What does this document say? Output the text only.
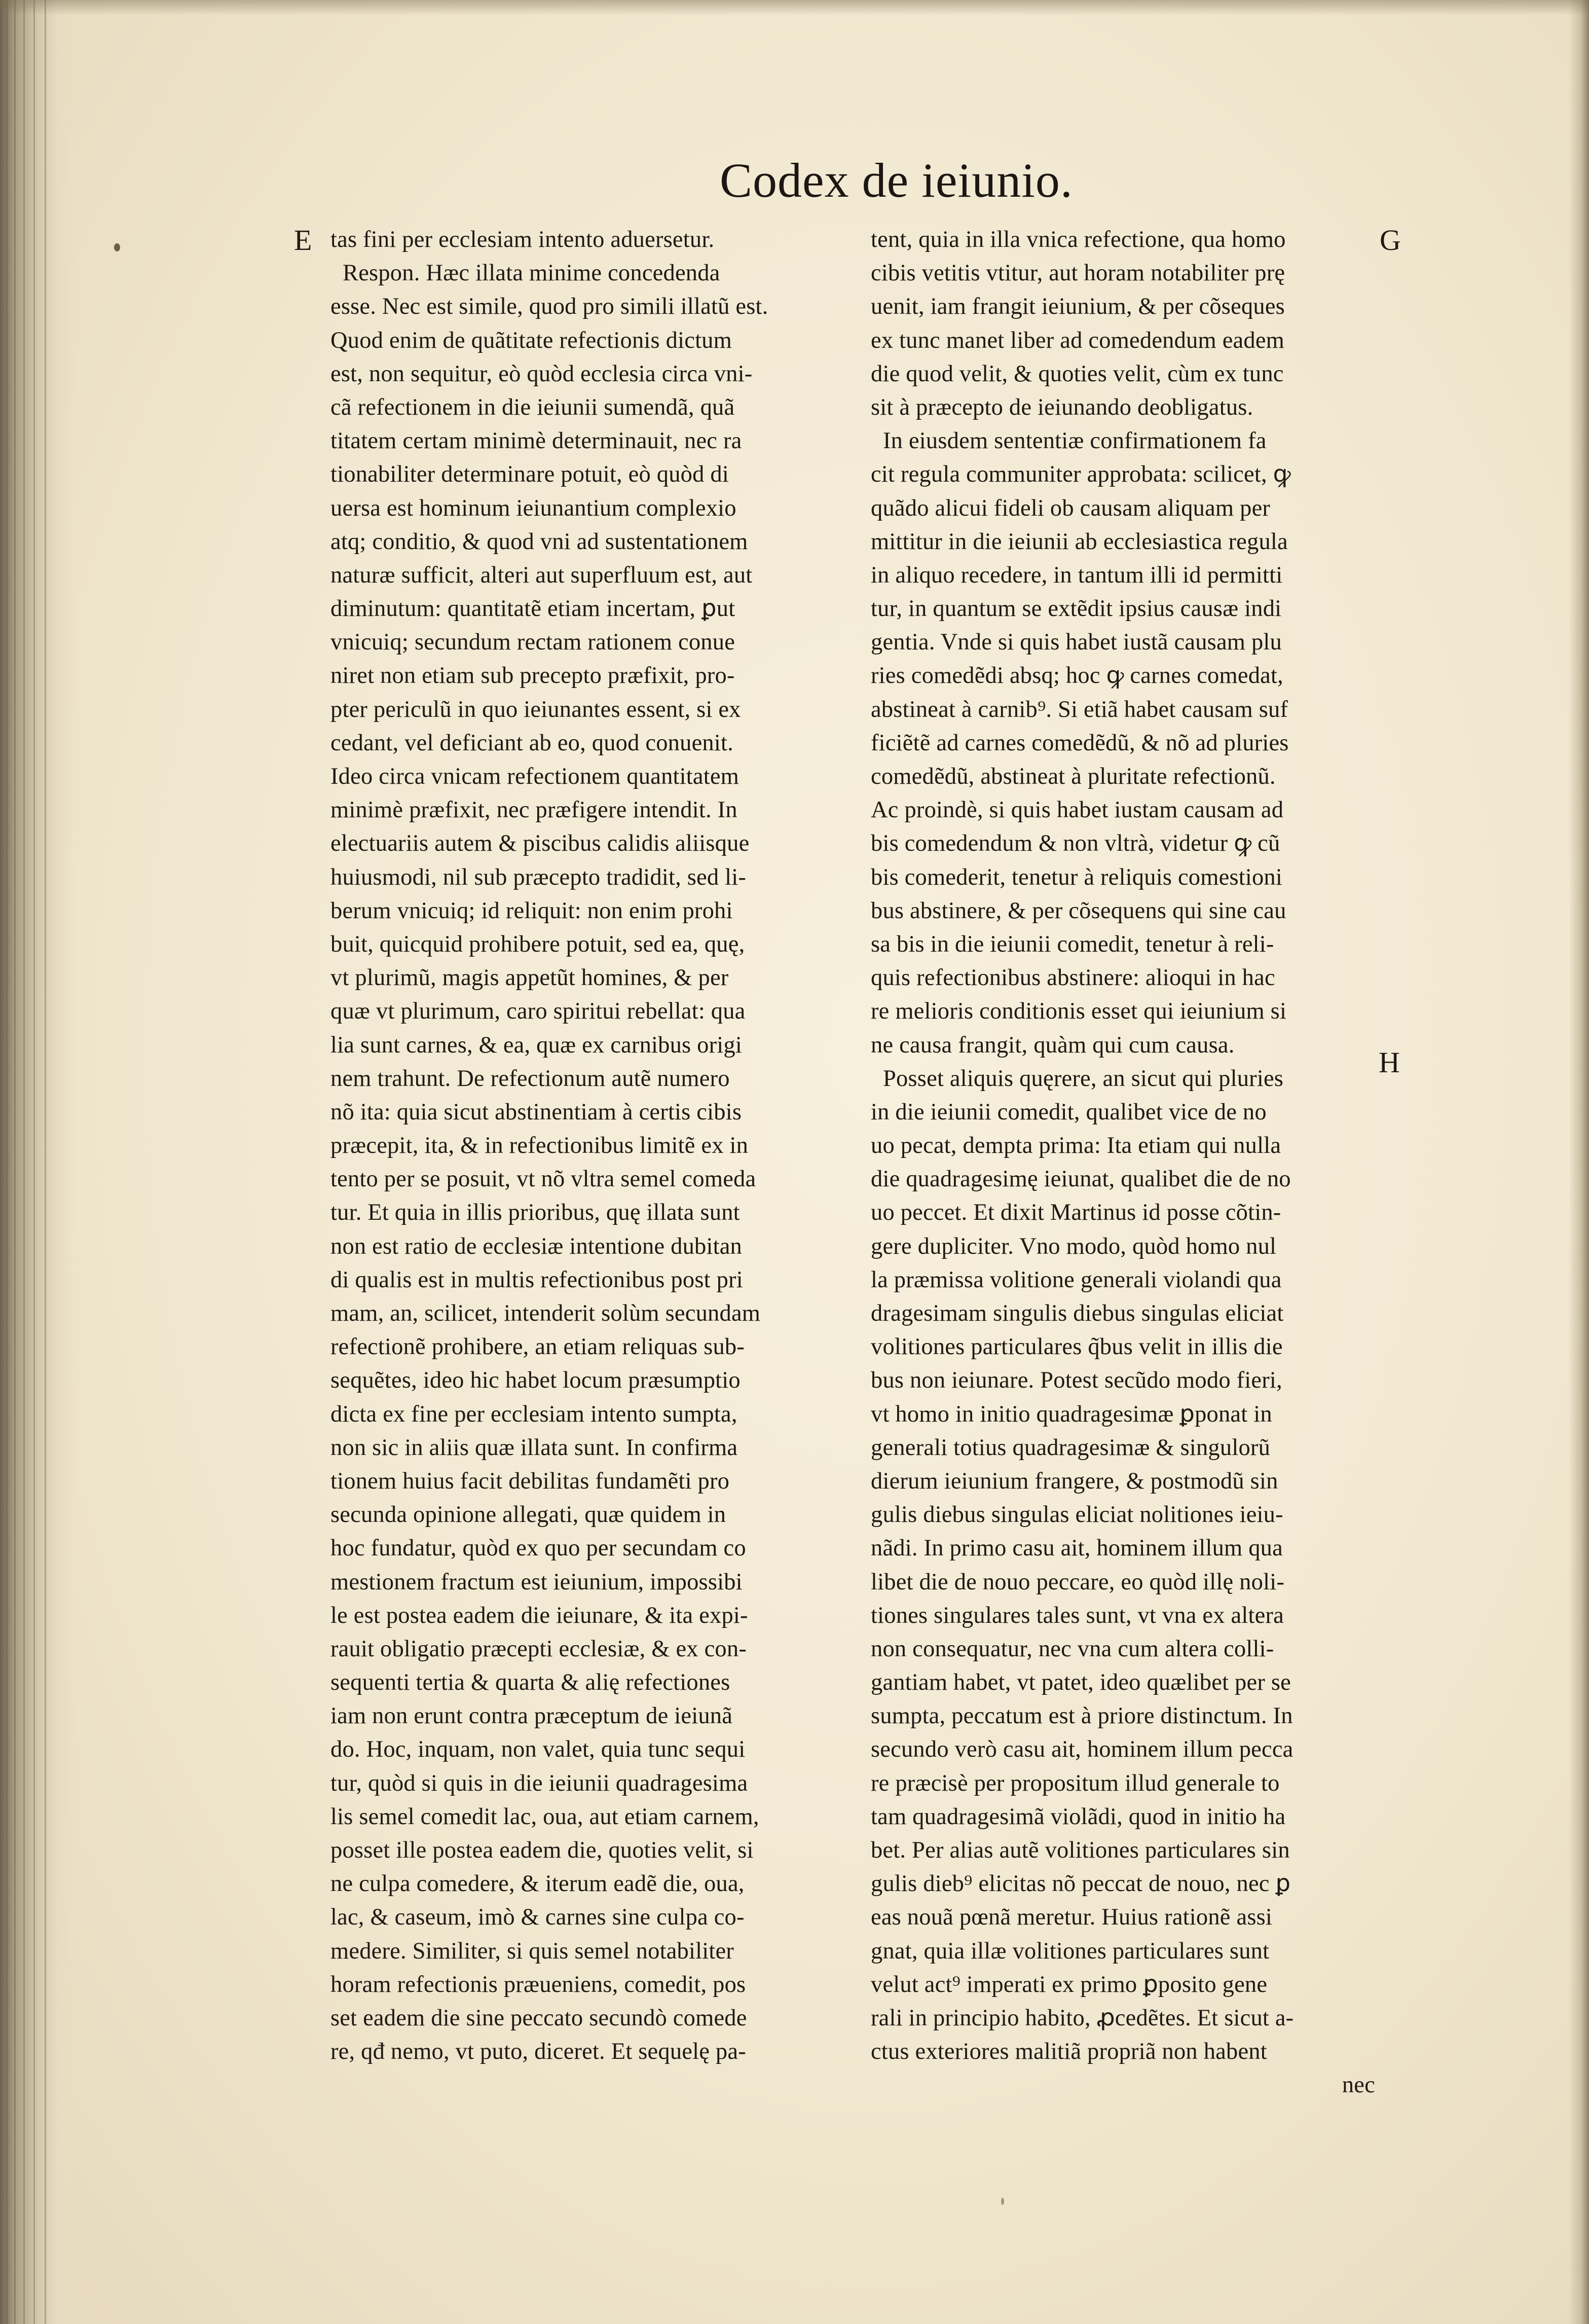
Codex de ieiunio.
E	G
H
tas fini per ecclesiam intento aduersetur.
Respon. Hæc illata minime concedenda
esse. Nec est simile, quod pro simili illatũ est.
Quod enim de quãtitate refectionis dictum
est, non sequitur, eò quòd ecclesia circa vni-
cã refectionem in die ieiunii sumendã, quã
titatem certam minimè determinauit, nec ra
tionabiliter determinare potuit, eò quòd di
uersa est hominum ieiunantium complexio
atq; conditio, & quod vni ad sustentationem
naturæ sufficit, alteri aut superfluum est, aut
diminutum: quantitatẽ etiam incertam, ꝑut
vnicuiq; secundum rectam rationem conue
niret non etiam sub precepto præfixit, pro-
pter periculũ in quo ieiunantes essent, si ex
cedant, vel deficiant ab eo, quod conuenit.
Ideo circa vnicam refectionem quantitatem
minimè præfixit, nec præfigere intendit. In
electuariis autem & piscibus calidis aliisque
huiusmodi, nil sub præcepto tradidit, sed li-
berum vnicuiq; id reliquit: non enim prohi
buit, quicquid prohibere potuit, sed ea, quę,
vt plurimũ, magis appetũt homines, & per
quæ vt plurimum, caro spiritui rebellat: qua
lia sunt carnes, & ea, quæ ex carnibus origi
nem trahunt. De refectionum autẽ numero
nõ ita: quia sicut abstinentiam à certis cibis
præcepit, ita, & in refectionibus limitẽ ex in
tento per se posuit, vt nõ vltra semel comeda
tur. Et quia in illis prioribus, quę illata sunt
non est ratio de ecclesiæ intentione dubitan
di qualis est in multis refectionibus post pri
mam, an, scilicet, intenderit solùm secundam
refectionẽ prohibere, an etiam reliquas sub-
sequẽtes, ideo hic habet locum præsumptio
dicta ex fine per ecclesiam intento sumpta,
non sic in aliis quæ illata sunt. In confirma
tionem huius facit debilitas fundamẽti pro
secunda opinione allegati, quæ quidem in
hoc fundatur, quòd ex quo per secundam co
mestionem fractum est ieiunium, impossibi
le est postea eadem die ieiunare, & ita expi-
rauit obligatio præcepti ecclesiæ, & ex con-
sequenti tertia & quarta & alię refectiones
iam non erunt contra præceptum de ieiunã
do. Hoc, inquam, non valet, quia tunc sequi
tur, quòd si quis in die ieiunii quadragesima
lis semel comedit lac, oua, aut etiam carnem,
posset ille postea eadem die, quoties velit, si
ne culpa comedere, & iterum eadẽ die, oua,
lac, & caseum, imò & carnes sine culpa co-
medere. Similiter, si quis semel notabiliter
horam refectionis præueniens, comedit, pos
set eadem die sine peccato secundò comede
re, qđ nemo, vt puto, diceret. Et sequelę pa-
tent, quia in illa vnica refectione, qua homo
cibis vetitis vtitur, aut horam notabiliter prę
uenit, iam frangit ieiunium, & per cõseques
ex tunc manet liber ad comedendum eadem
die quod velit, & quoties velit, cùm ex tunc
sit à præcepto de ieiunando deobligatus.
In eiusdem sententiæ confirmationem fa
cit regula communiter approbata: scilicet, ꝙ
quãdo alicui fideli ob causam aliquam per
mittitur in die ieiunii ab ecclesiastica regula
in aliquo recedere, in tantum illi id permitti
tur, in quantum se extẽdit ipsius causæ indi
gentia. Vnde si quis habet iustã causam plu
ries comedẽdi absq; hoc ꝙ carnes comedat,
abstineat à carnib⁹. Si etiã habet causam suf
ficiẽtẽ ad carnes comedẽdũ, & nõ ad pluries
comedẽdũ, abstineat à pluritate refectionũ.
Ac proindè, si quis habet iustam causam ad
bis comedendum & non vltrà, videtur ꝙ cũ
bis comederit, tenetur à reliquis comestioni
bus abstinere, & per cõsequens qui sine cau
sa bis in die ieiunii comedit, tenetur à reli-
quis refectionibus abstinere: alioqui in hac
re melioris conditionis esset qui ieiunium si
ne causa frangit, quàm qui cum causa.
Posset aliquis quęrere, an sicut qui pluries
in die ieiunii comedit, qualibet vice de no
uo pecat, dempta prima: Ita etiam qui nulla
die quadragesimę ieiunat, qualibet die de no
uo peccet. Et dixit Martinus id posse cõtin-
gere dupliciter. Vno modo, quòd homo nul
la præmissa volitione generali violandi qua
dragesimam singulis diebus singulas eliciat
volitiones particulares q̃bus velit in illis die
bus non ieiunare. Potest secũdo modo fieri,
vt homo in initio quadragesimæ ꝑponat in
generali totius quadragesimæ & singulorũ
dierum ieiunium frangere, & postmodũ sin
gulis diebus singulas eliciat nolitiones ieiu-
nãdi. In primo casu ait, hominem illum qua
libet die de nouo peccare, eo quòd illę noli-
tiones singulares tales sunt, vt vna ex altera
non consequatur, nec vna cum altera colli-
gantiam habet, vt patet, ideo quælibet per se
sumpta, peccatum est à priore distinctum. In
secundo verò casu ait, hominem illum pecca
re præcisè per propositum illud generale to
tam quadragesimã violãdi, quod in initio ha
bet. Per alias autẽ volitiones particulares sin
gulis dieb⁹ elicitas nõ peccat de nouo, nec ꝑ
eas nouã pœnã meretur. Huius rationẽ assi
gnat, quia illæ volitiones particulares sunt
velut act⁹ imperati ex primo ꝑposito gene
rali in principio habito, ꝓcedẽtes. Et sicut a-
ctus exteriores malitiã propriã non habent
nec
